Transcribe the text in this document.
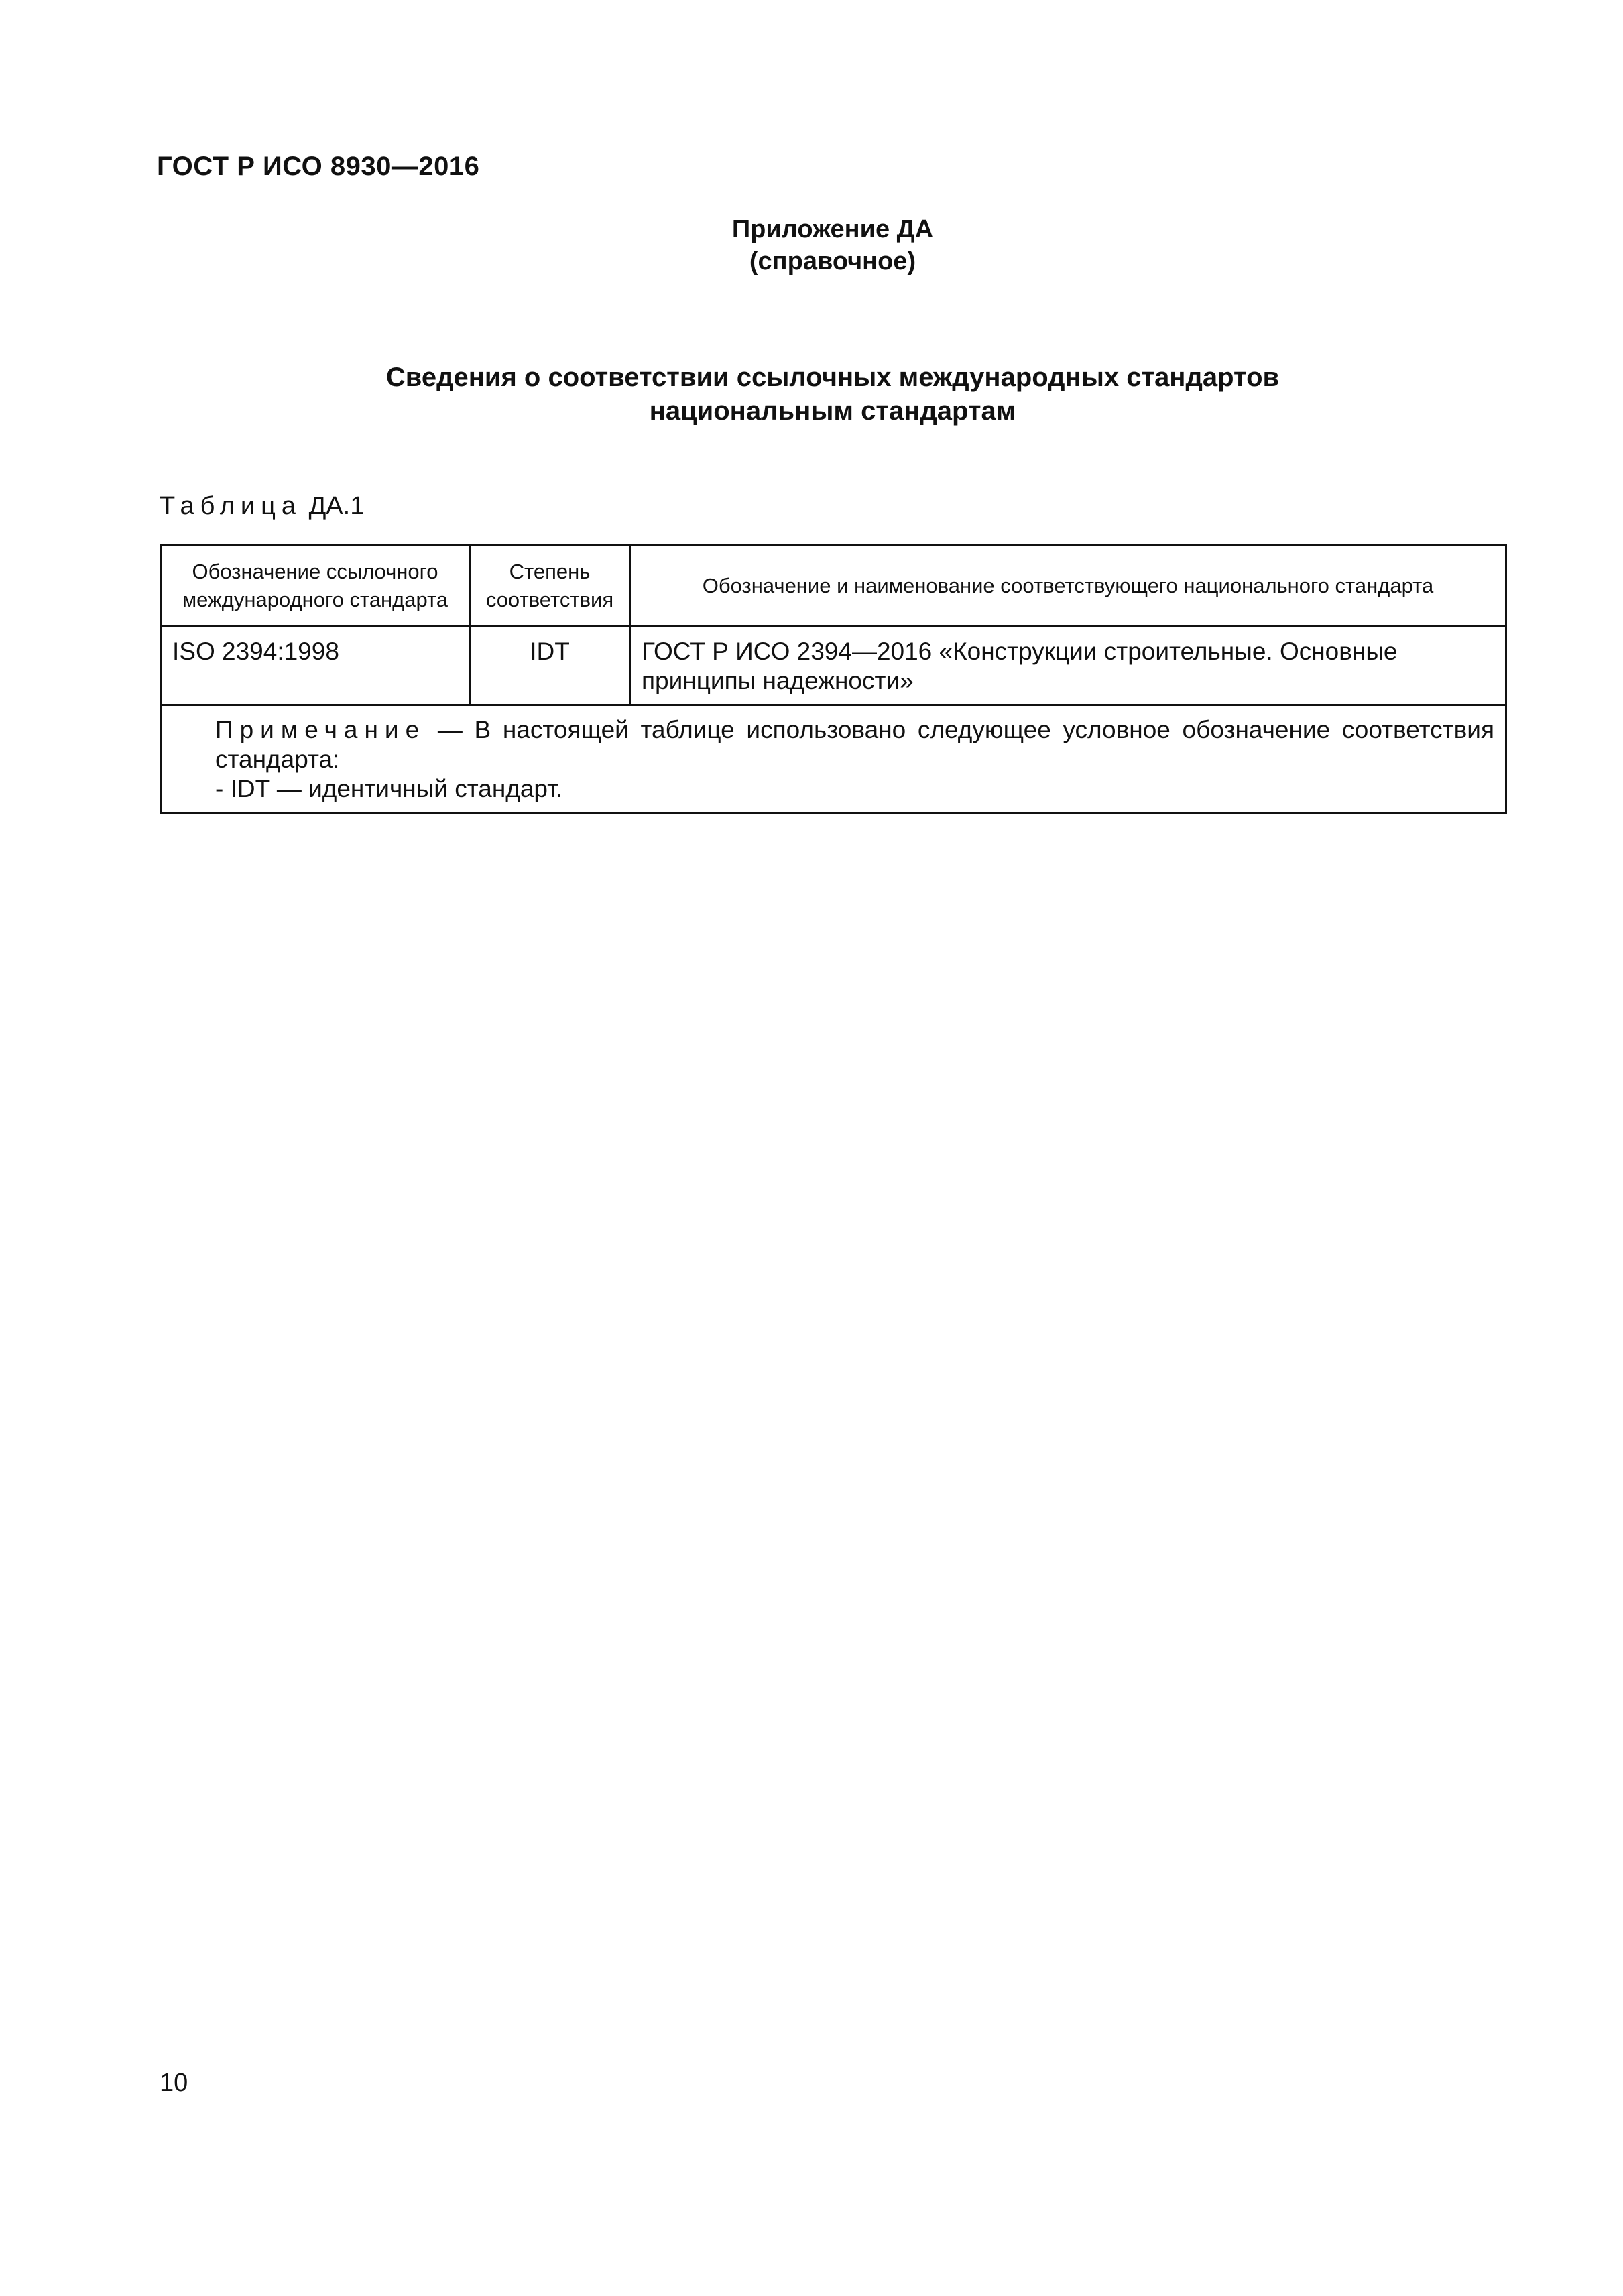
ГОСТ Р ИСО 8930—2016
Приложение ДА
(справочное)
Сведения о соответствии ссылочных международных стандартов
национальным стандартам
Таблица ДА.1
Обозначение ссылочного международного стандарта	Степень соответствия	Обозначение и наименование соответствующего национального стандарта
ISO 2394:1998	IDT	ГОСТ Р ИСО 2394—2016 «Конструкции строительные. Основные принципы надежности»

Примечание — В настоящей таблице использовано следующее условное обозначение соответствия стандарта:
- IDT — идентичный стандарт.		
10
